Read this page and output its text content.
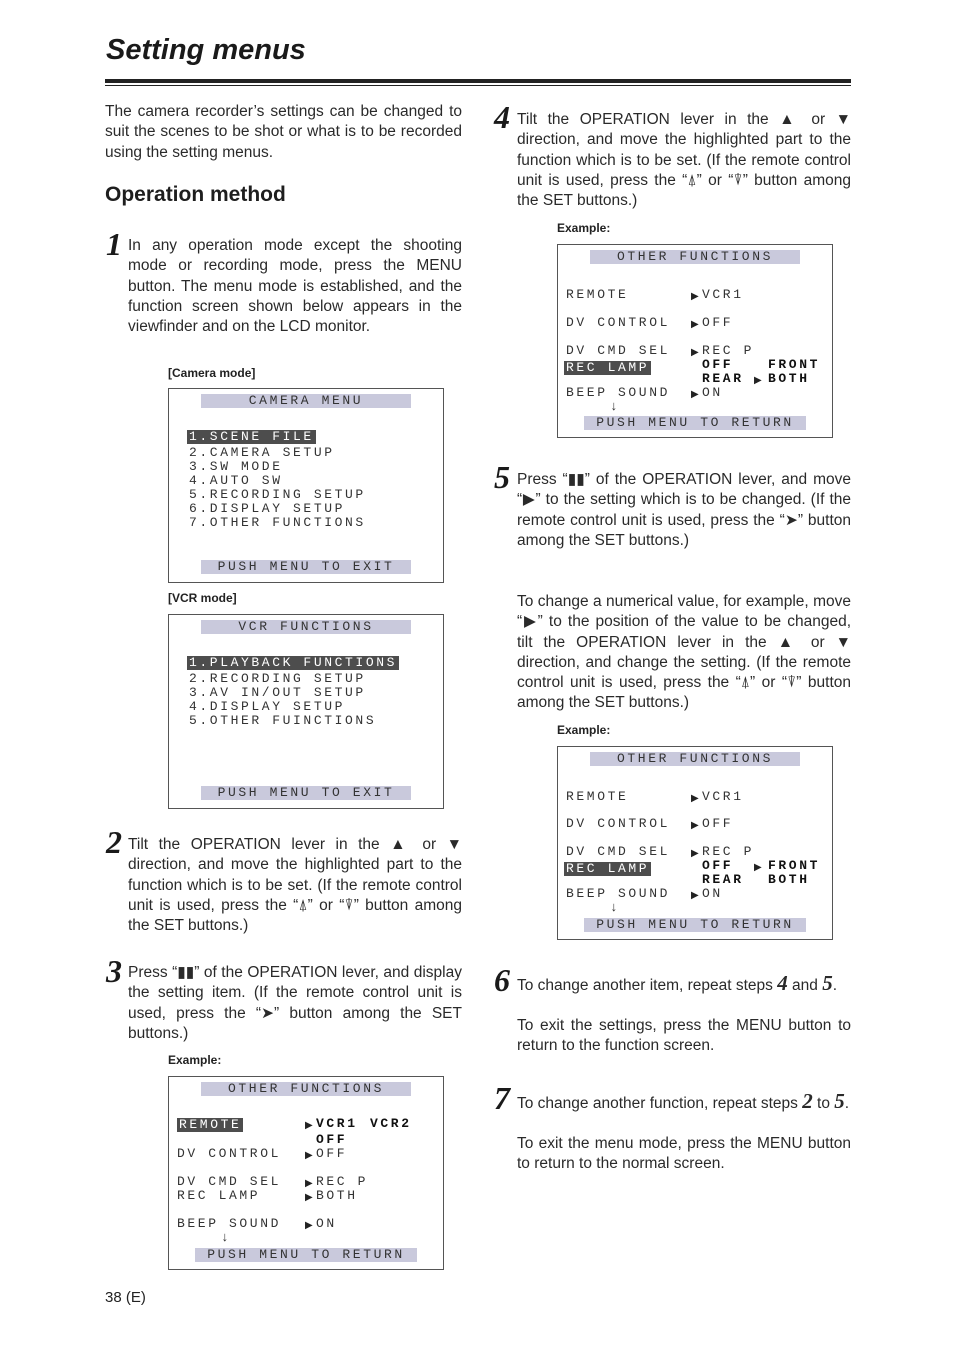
Setting menus
The camera recorder’s settings can be changed to suit the scenes to be shot or what is to be recorded using the setting menus.
Operation method
1 In any operation mode except the shooting mode or recording mode, press the MENU button. The menu mode is established, and the function screen shown below appears in the viewfinder and on the LCD monitor.
[Camera mode]
CAMERA MENU
1.SCENE FILE
2.CAMERA SETUP
3.SW MODE
4.AUTO SW
5.RECORDING SETUP
6.DISPLAY SETUP
7.OTHER FUNCTIONS
PUSH MENU TO EXIT
[VCR mode]
VCR FUNCTIONS
1.PLAYBACK FUNCTIONS
2.RECORDING SETUP
3.AV IN/OUT SETUP
4.DISPLAY SETUP
5.OTHER FUINCTIONS
PUSH MENU TO EXIT
2 Tilt the OPERATION lever in the ▲ or ▼ direction, and move the highlighted part to the function which is to be set. (If the remote control unit is used, press the “⍋” or “⍒” button among the SET buttons.)
3 Press “▮▮” of the OPERATION lever, and display the setting item. (If the remote control unit is used, press the “➤” button among the SET buttons.)
Example:
OTHER FUNCTIONS
REMOTE	▶ VCR1 VCR2
OFF
DV CONTROL ▶ OFF
DV CMD SEL ▶ REC P
REC LAMP	▶ BOTH
BEEP SOUND ▶ ON
↓
PUSH MENU TO RETURN
4 Tilt the OPERATION lever in the ▲ or ▼ direction, and move the highlighted part to the function which is to be set. (If the remote control unit is used, press the “⍋” or “⍒” button among the SET buttons.)
Example:
OTHER FUNCTIONS
REMOTE	▶ VCR1
DV CONTROL ▶ OFF
DV CMD SEL ▶ REC P
REC LAMP	OFF	FRONT
REAR ▶ BOTH
BEEP SOUND ▶ ON
↓
PUSH MENU TO RETURN
5 Press “▮▮” of the OPERATION lever, and move “▶” to the setting which is to be changed. (If the remote control unit is used, press the “➤” button among the SET buttons.)
To change a numerical value, for example, move “▶” to the position of the value to be changed, tilt the OPERATION lever in the ▲ or ▼ direction, and change the setting. (If the remote control unit is used, press the “⍋” or “⍒” button among the SET buttons.)
Example:
OTHER FUNCTIONS
REMOTE	▶ VCR1
DV CONTROL ▶ OFF
DV CMD SEL ▶ REC P
REC LAMP	OFF ▶ FRONT
REAR BOTH
BEEP SOUND ▶ ON
↓
PUSH MENU TO RETURN
6 To change another item, repeat steps 4 and 5.
To exit the settings, press the MENU button to return to the function screen.
7 To change another function, repeat steps 2 to 5.
To exit the menu mode, press the MENU button to return to the normal screen.
38 (E)
